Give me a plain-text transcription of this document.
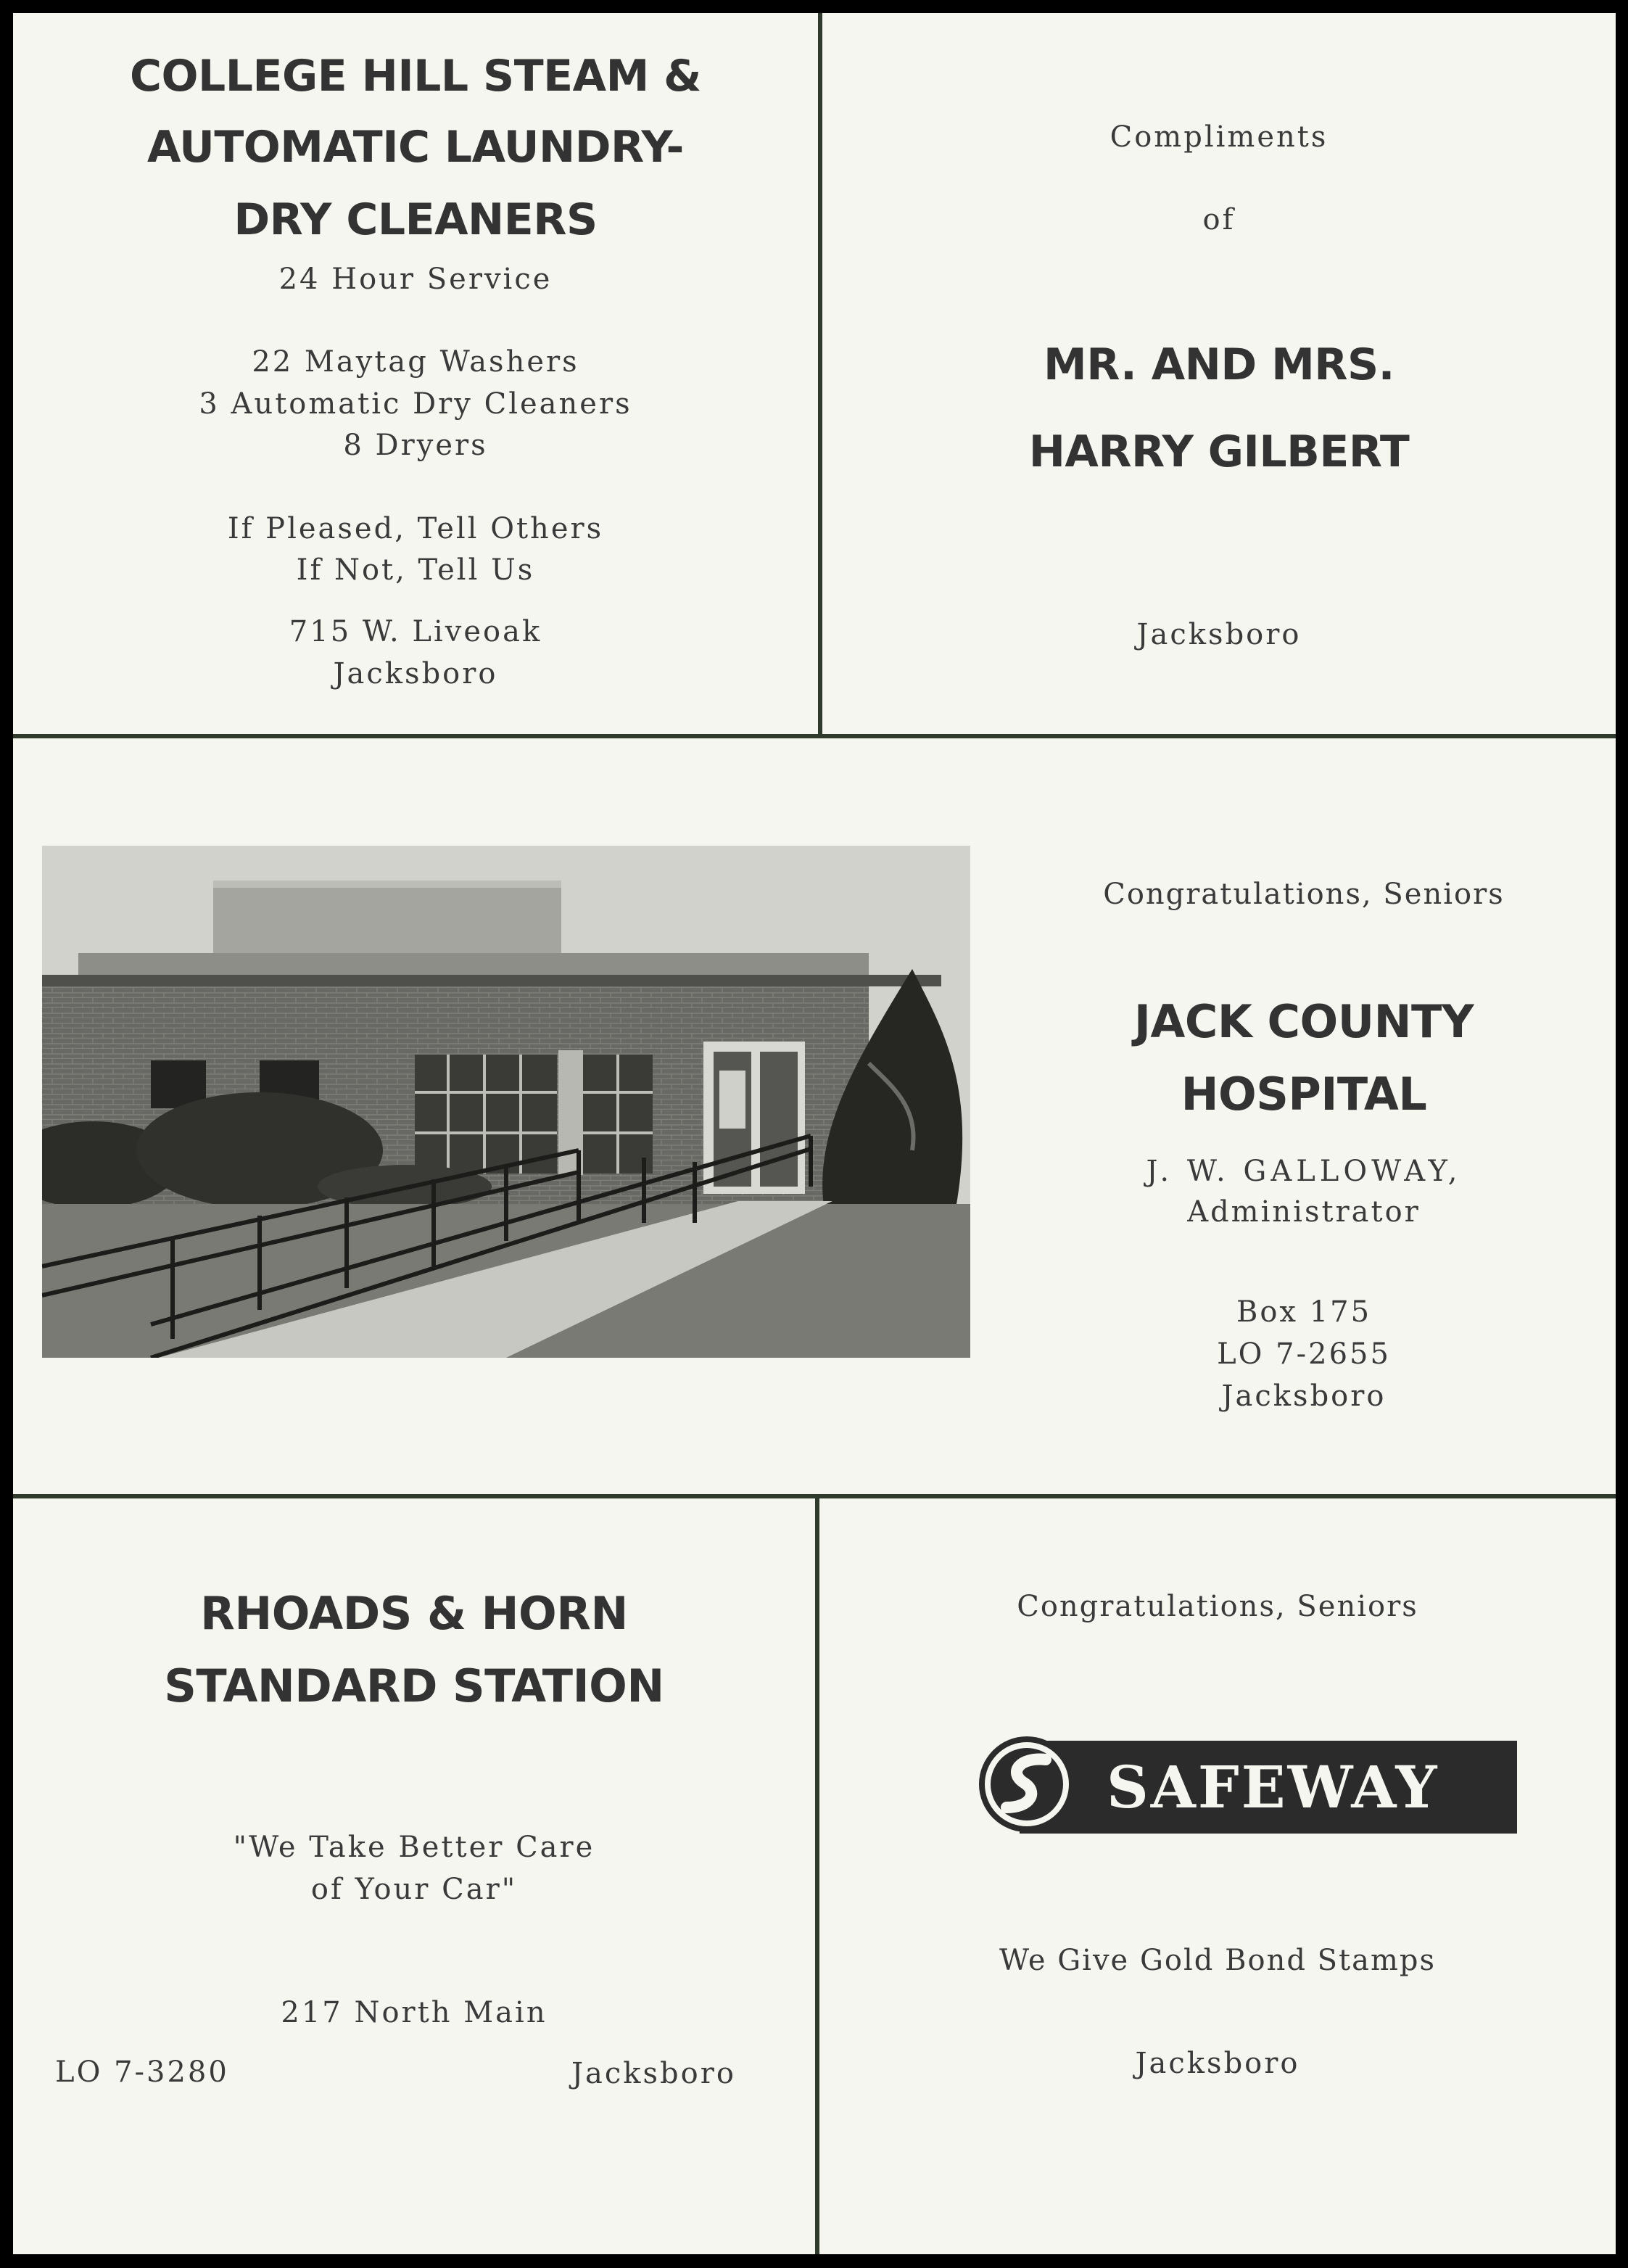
COLLEGE HILL STEAM &
AUTOMATIC LAUNDRY-
DRY CLEANERS
24 Hour Service
22 Maytag Washers
3 Automatic Dry Cleaners
8 Dryers
If Pleased, Tell Others
If Not, Tell Us
715 W. Liveoak
Jacksboro
Compliments
of
MR. AND MRS.
HARRY GILBERT
Jacksboro
Congratulations, Seniors
JACK COUNTY
HOSPITAL
J. W. GALLOWAY,
Administrator
Box 175
LO 7-2655
Jacksboro
RHOADS & HORN
STANDARD STATION
"We Take Better Care
of Your Car"
217 North Main
LO 7-3280	Jacksboro
Congratulations, Seniors
SAFEWAY
We Give Gold Bond Stamps
Jacksboro
